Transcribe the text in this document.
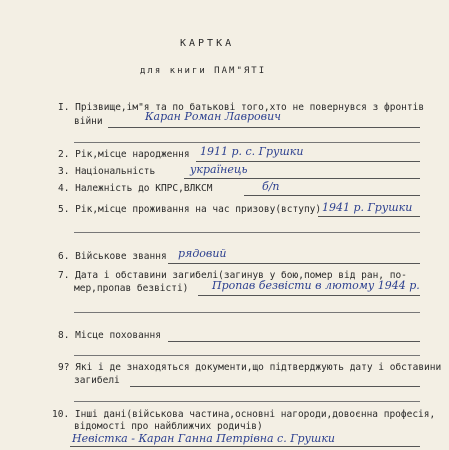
КАРТКА
для книги ПАМ"ЯТІ
I. Прізвище,ім"я та по батькові того,хто не повернувся з фронтів
війни	Каран Роман Лаврович
2. Рік,місце народження 1911 р. с. Грушки
3. Національність	українець
4. Належність до КПРС,ВЛКСМ	б/п
5. Рік,місце проживання на час призову(вступу) 1941 р. Грушки
6. Військове звання рядовий
7. Дата і обставини загибелі(загинув у бою,помер від ран, по-
мер,пропав безвісті) Пропав безвісти в лютому 1944 р.
8. Місце поховання
9? Які і де знаходяться документи,що підтверджують дату і обставини
загибелі
10. Інші дані(військова частина,основні нагороди,довоєнна професія,
відомості про найближчих родичів)
Невістка - Каран Ганна Петрівна с. Грушки
